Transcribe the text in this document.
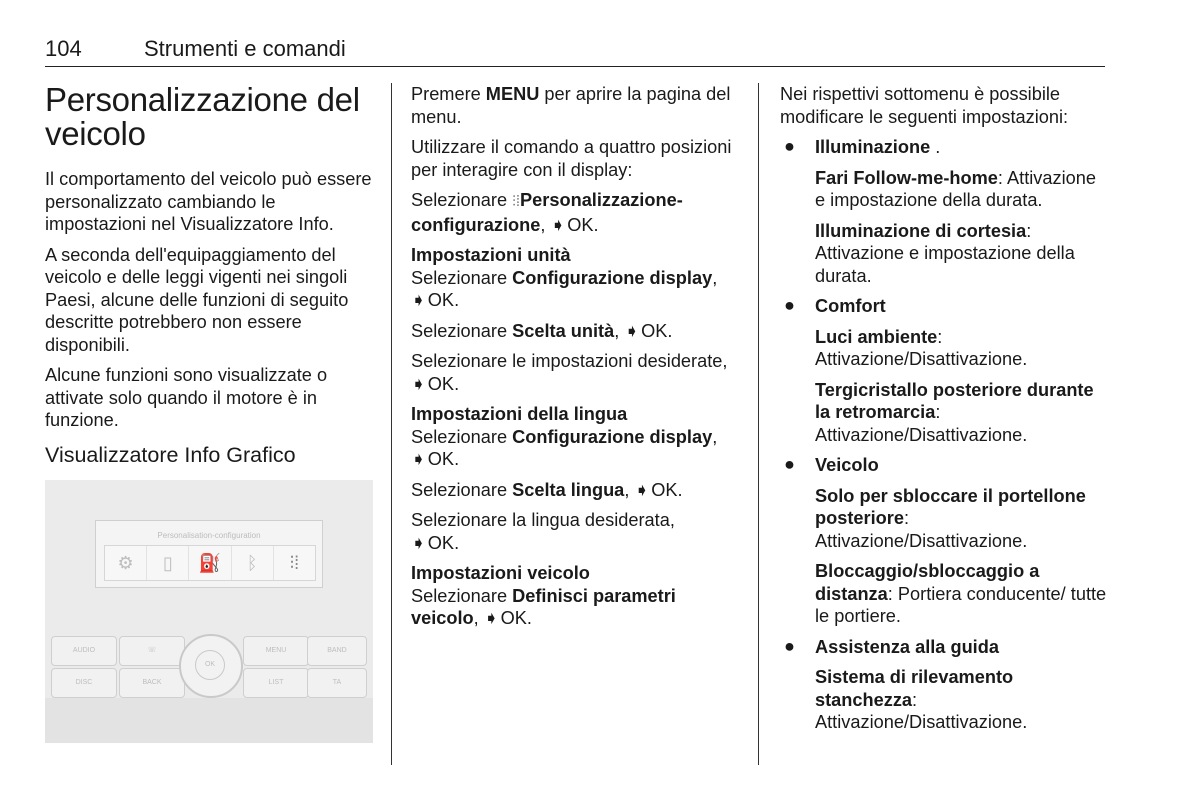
104	Strumenti e comandi
Personalizzazione del veicolo

Il comportamento del veicolo può essere personalizzato cambiando le impostazioni nel Visualizzatore Info.

A seconda dell'equipaggiamento del veicolo e delle leggi vigenti nei singoli Paesi, alcune delle funzioni di seguito descritte potrebbero non essere disponibili.

Alcune funzioni sono visualizzate o attivate solo quando il motore è in funzione.

Visualizzatore Info Grafico
Personalisation-configuration
⚙	▯	⛽	ᛒ	⫶⁞
AUDIO	☏	MENU	BAND
DISC	BACK	LIST	TA
OK

Premere MENU per aprire la pagina del menu.

Utilizzare il comando a quattro posizioni per interagire con il display:

Selezionare ⫶⁞Personalizzazione-configurazione, ➧ OK.

Impostazioni unità

Selezionare Configurazione display,
➧ OK.

Selezionare Scelta unità, ➧ OK.

Selezionare le impostazioni desiderate, ➧ OK.

Impostazioni della lingua

Selezionare Configurazione display,
➧ OK.

Selezionare Scelta lingua, ➧ OK.

Selezionare la lingua desiderata,
➧ OK.

Impostazioni veicolo

Selezionare Definisci parametri veicolo, ➧ OK.

Nei rispettivi sottomenu è possibile modificare le seguenti impostazioni:

● Illuminazione .
Fari Follow-me-home: Attivazione e impostazione della durata.
Illuminazione di cortesia: Attivazione e impostazione della durata.
● Comfort
Luci ambiente: Attivazione/Disattivazione.
Tergicristallo posteriore durante la retromarcia: Attivazione/Disattivazione.
● Veicolo
Solo per sbloccare il portellone posteriore: Attivazione/Disattivazione.
Bloccaggio/sbloccaggio a distanza: Portiera conducente/ tutte le portiere.
● Assistenza alla guida
Sistema di rilevamento stanchezza: Attivazione/Disattivazione.
